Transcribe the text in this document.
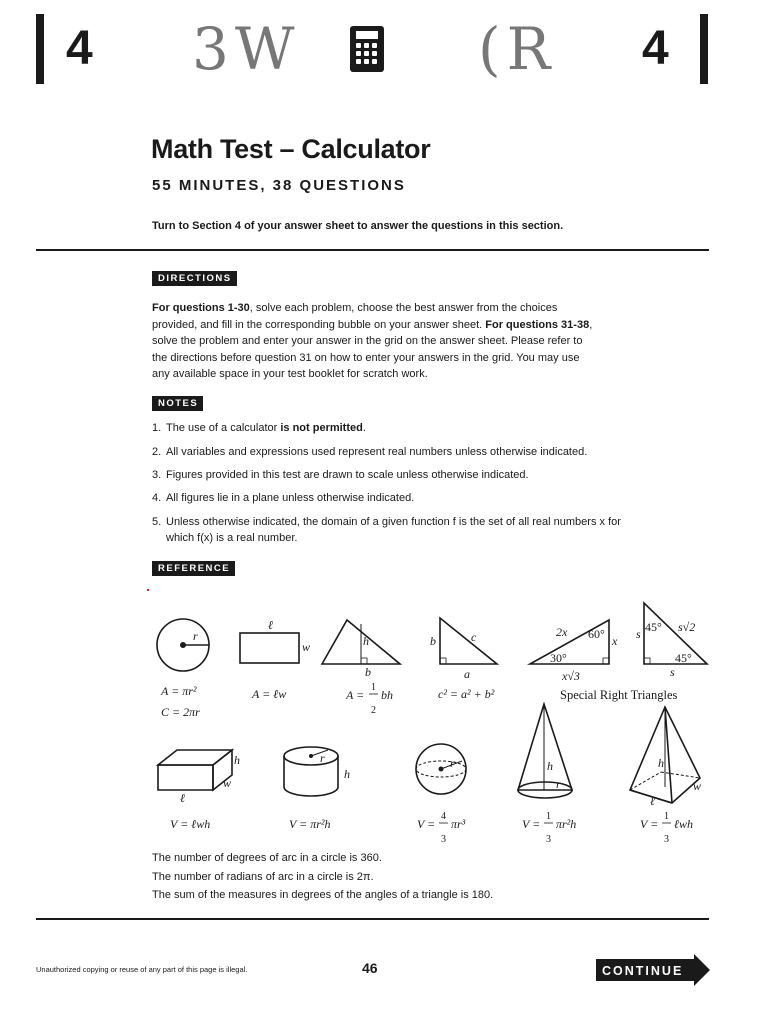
4 3W	(R 4
Math Test – Calculator
55 MINUTES, 38 QUESTIONS
Turn to Section 4 of your answer sheet to answer the questions in this section.
DIRECTIONS
For questions 1-30, solve each problem, choose the best answer from the choices
provided, and fill in the corresponding bubble on your answer sheet. For questions 31-38,
solve the problem and enter your answer in the grid on the answer sheet. Please refer to
the directions before question 31 on how to enter your answers in the grid. You may use
any available space in your test booklet for scratch work.
NOTES
1. The use of a calculator is not permitted.
2. All variables and expressions used represent real numbers unless otherwise indicated.
3. Figures provided in this test are drawn to scale unless otherwise indicated.
4. All figures lie in a plane unless otherwise indicated.
5. Unless otherwise indicated, the domain of a given function f is the set of all real numbers x for
which f(x) is a real number.
REFERENCE
r
ℓ
w	h
b
b	c
a
2x 60° x
30°
x√3
s 45° s√2
45°
s
h
w
ℓ
r
h
r	h
r
h
w
ℓ
A = πr²
C = 2πr
A = ℓw	A =
1
2
bh	c² = a² + b²	Special Right Triangles
V = ℓwh	V = πr²h	V =
4
3
πr³	V =
1
3
πr²h	V =
1
3
ℓwh
The number of degrees of arc in a circle is 360.
The number of radians of arc in a circle is 2π.
The sum of the measures in degrees of the angles of a triangle is 180.
Unauthorized copying or reuse of any part of this page is illegal.	46	CONTINUE
